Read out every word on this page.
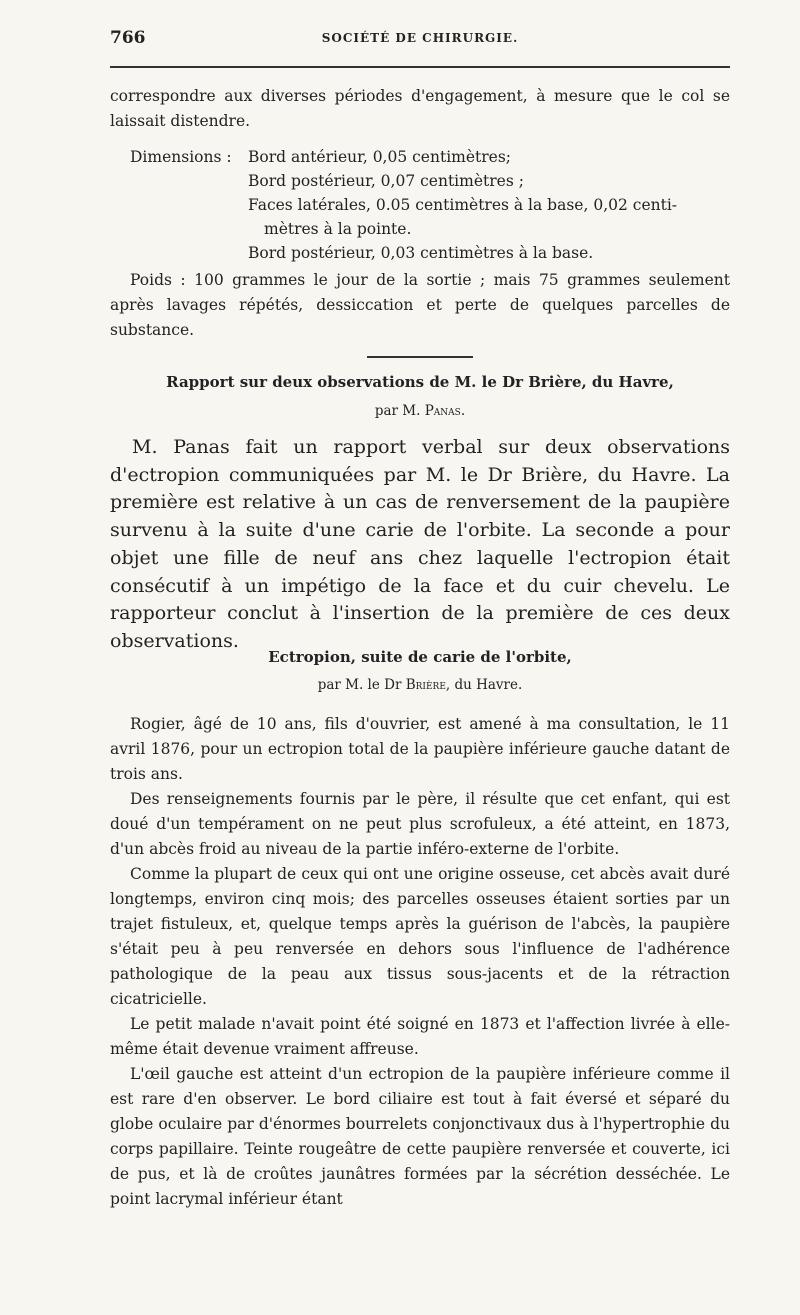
766	SOCIÉTÉ DE CHIRURGIE.

correspondre aux diverses périodes d'engagement, à mesure que le col se laissait distendre.

Dimensions : Bord antérieur, 0,05 centimètres;
Bord postérieur, 0,07 centimètres ;
Faces latérales, 0.05 centimètres à la base, 0,02 centi-
mètres à la pointe.
Bord postérieur, 0,03 centimètres à la base.

Poids : 100 grammes le jour de la sortie ; mais 75 grammes seulement après lavages répétés, dessiccation et perte de quelques parcelles de substance.

Rapport sur deux observations de M. le Dr Brière, du Havre,

par M. Panas.

M. Panas fait un rapport verbal sur deux observations d'ectropion communiquées par M. le Dr Brière, du Havre. La première est relative à un cas de renversement de la paupière survenu à la suite d'une carie de l'orbite. La seconde a pour objet une fille de neuf ans chez laquelle l'ectropion était consécutif à un impétigo de la face et du cuir chevelu. Le rapporteur conclut à l'insertion de la première de ces deux observations.

Ectropion, suite de carie de l'orbite,

par M. le Dr Brière, du Havre.

Rogier, âgé de 10 ans, fils d'ouvrier, est amené à ma consultation, le 11 avril 1876, pour un ectropion total de la paupière inférieure gauche datant de trois ans.

Des renseignements fournis par le père, il résulte que cet enfant, qui est doué d'un tempérament on ne peut plus scrofuleux, a été atteint, en 1873, d'un abcès froid au niveau de la partie inféro-externe de l'orbite.

Comme la plupart de ceux qui ont une origine osseuse, cet abcès avait duré longtemps, environ cinq mois; des parcelles osseuses étaient sorties par un trajet fistuleux, et, quelque temps après la guérison de l'abcès, la paupière s'était peu à peu renversée en dehors sous l'influence de l'adhérence pathologique de la peau aux tissus sous-jacents et de la rétraction cicatricielle.

Le petit malade n'avait point été soigné en 1873 et l'affection livrée à elle-même était devenue vraiment affreuse.

L'œil gauche est atteint d'un ectropion de la paupière inférieure comme il est rare d'en observer. Le bord ciliaire est tout à fait éversé et séparé du globe oculaire par d'énormes bourrelets conjonctivaux dus à l'hypertrophie du corps papillaire. Teinte rougeâtre de cette paupière renversée et couverte, ici de pus, et là de croûtes jaunâtres formées par la sécrétion desséchée. Le point lacrymal inférieur étant
